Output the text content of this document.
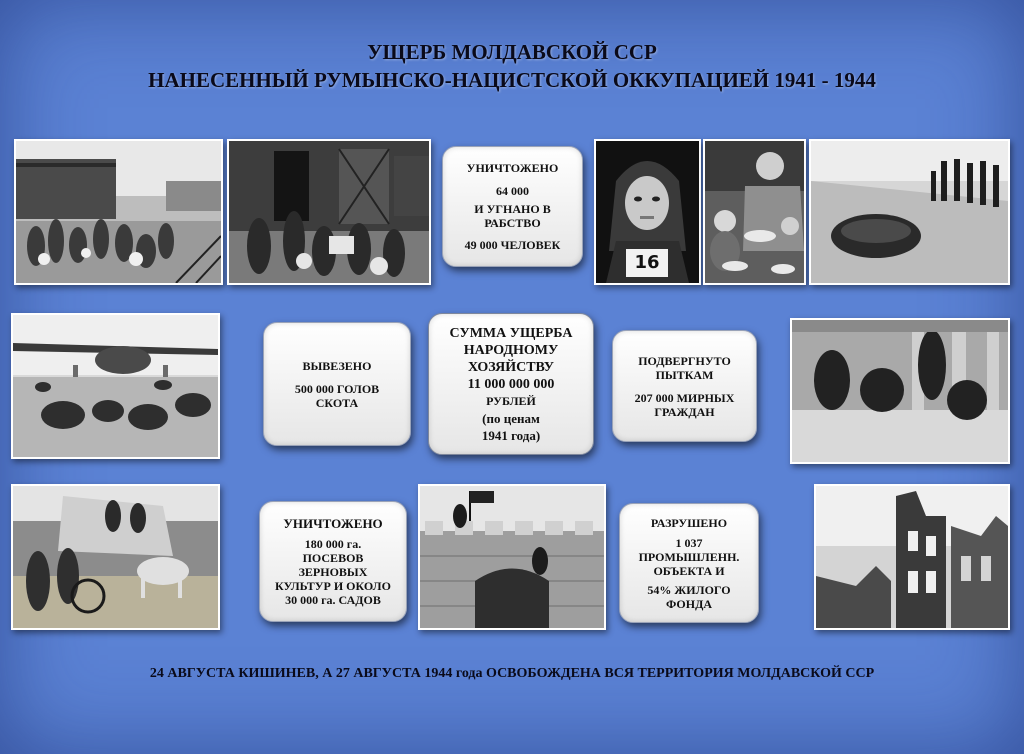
УЩЕРБ МОЛДАВСКОЙ ССР
НАНЕСЕННЫЙ РУМЫНСКО-НАЦИСТСКОЙ ОККУПАЦИЕЙ 1941 - 1944
16
УНИЧТОЖЕНО
64 000
И УГНАНО В
РАБСТВО
49 000 ЧЕЛОВЕК
ВЫВЕЗЕНО
500 000 ГОЛОВ
СКОТА
СУММА УЩЕРБА
НАРОДНОМУ
ХОЗЯЙСТВУ
11 000 000 000
РУБЛЕЙ
(по ценам
1941 года)
ПОДВЕРГНУТО
ПЫТКАМ
207 000 МИРНЫХ
ГРАЖДАН
УНИЧТОЖЕНО
180 000 га.
ПОСЕВОВ
ЗЕРНОВЫХ
КУЛЬТУР И ОКОЛО
30 000 га. САДОВ
РАЗРУШЕНО
1 037
ПРОМЫШЛЕНН.
ОБЪЕКТА И
54% ЖИЛОГО
ФОНДА
24 АВГУСТА КИШИНЕВ, А 27 АВГУСТА 1944 года ОСВОБОЖДЕНА ВСЯ ТЕРРИТОРИЯ МОЛДАВСКОЙ ССР
